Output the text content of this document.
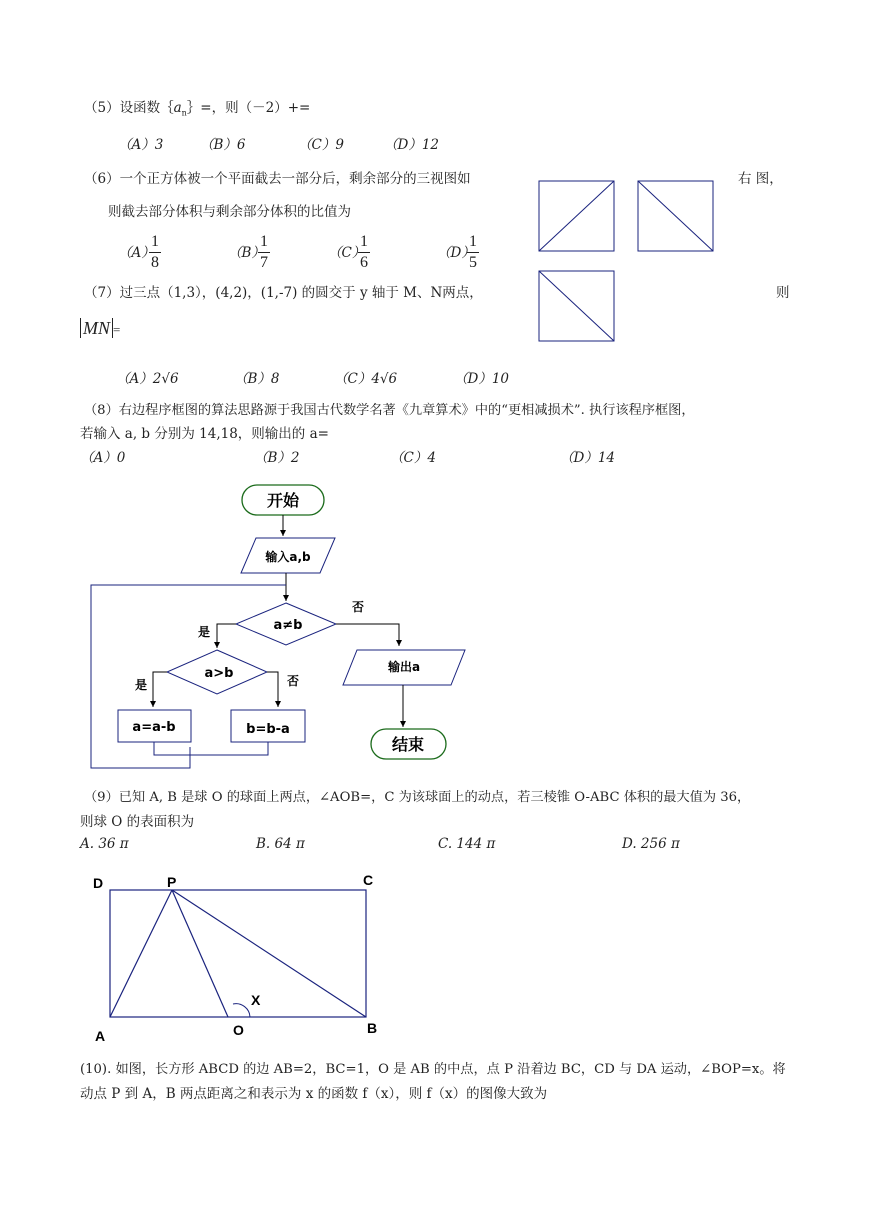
（5）设函数$\{a_n\}=$，则（－2）+=
（A）3	（B）6	（C）9	（D）12
（6）一个正方体被一个平面截去一部分后，剩余部分的三视图如	右 图，
则截去部分体积与剩余部分体积的比值为
（A）
1
8
（B）
1
7
（C）
1
6
（D）
1
5
（7）过三点（1,3），(4,2)，(1,-7) 的圆交于 y 轴于 M、N两点，	则
MN =
（A）2√6	（B）8	（C）4√6	（D）10
（8）右边程序框图的算法思路源于我国古代数学名著《九章算术》中的“更相减损术”. 执行该程序框图，
若输入 a, b 分别为 14,18，则输出的 a=
（A）0	（B）2	（C）4	（D）14
（9）已知 A, B 是球 O 的球面上两点，∠AOB=，C 为该球面上的动点，若三棱锥 O-ABC 体积的最大值为 36，
则球 O 的表面积为
A. 36 π	B. 64 π	C. 144 π	D. 256 π
(10). 如图，长方形 ABCD 的边 AB=2，BC=1，O 是 AB 的中点，点 P 沿着边 BC，CD 与 DA 运动，∠BOP=x。将
动点 P 到 A，B 两点距离之和表示为 x 的函数 f（x），则 f（x）的图像大致为
开始
输入a,b
a≠b
否
是
a>b
是	否
a=a-b	b=b-a
输出a
结束
D	P	C
A	O	B
X
